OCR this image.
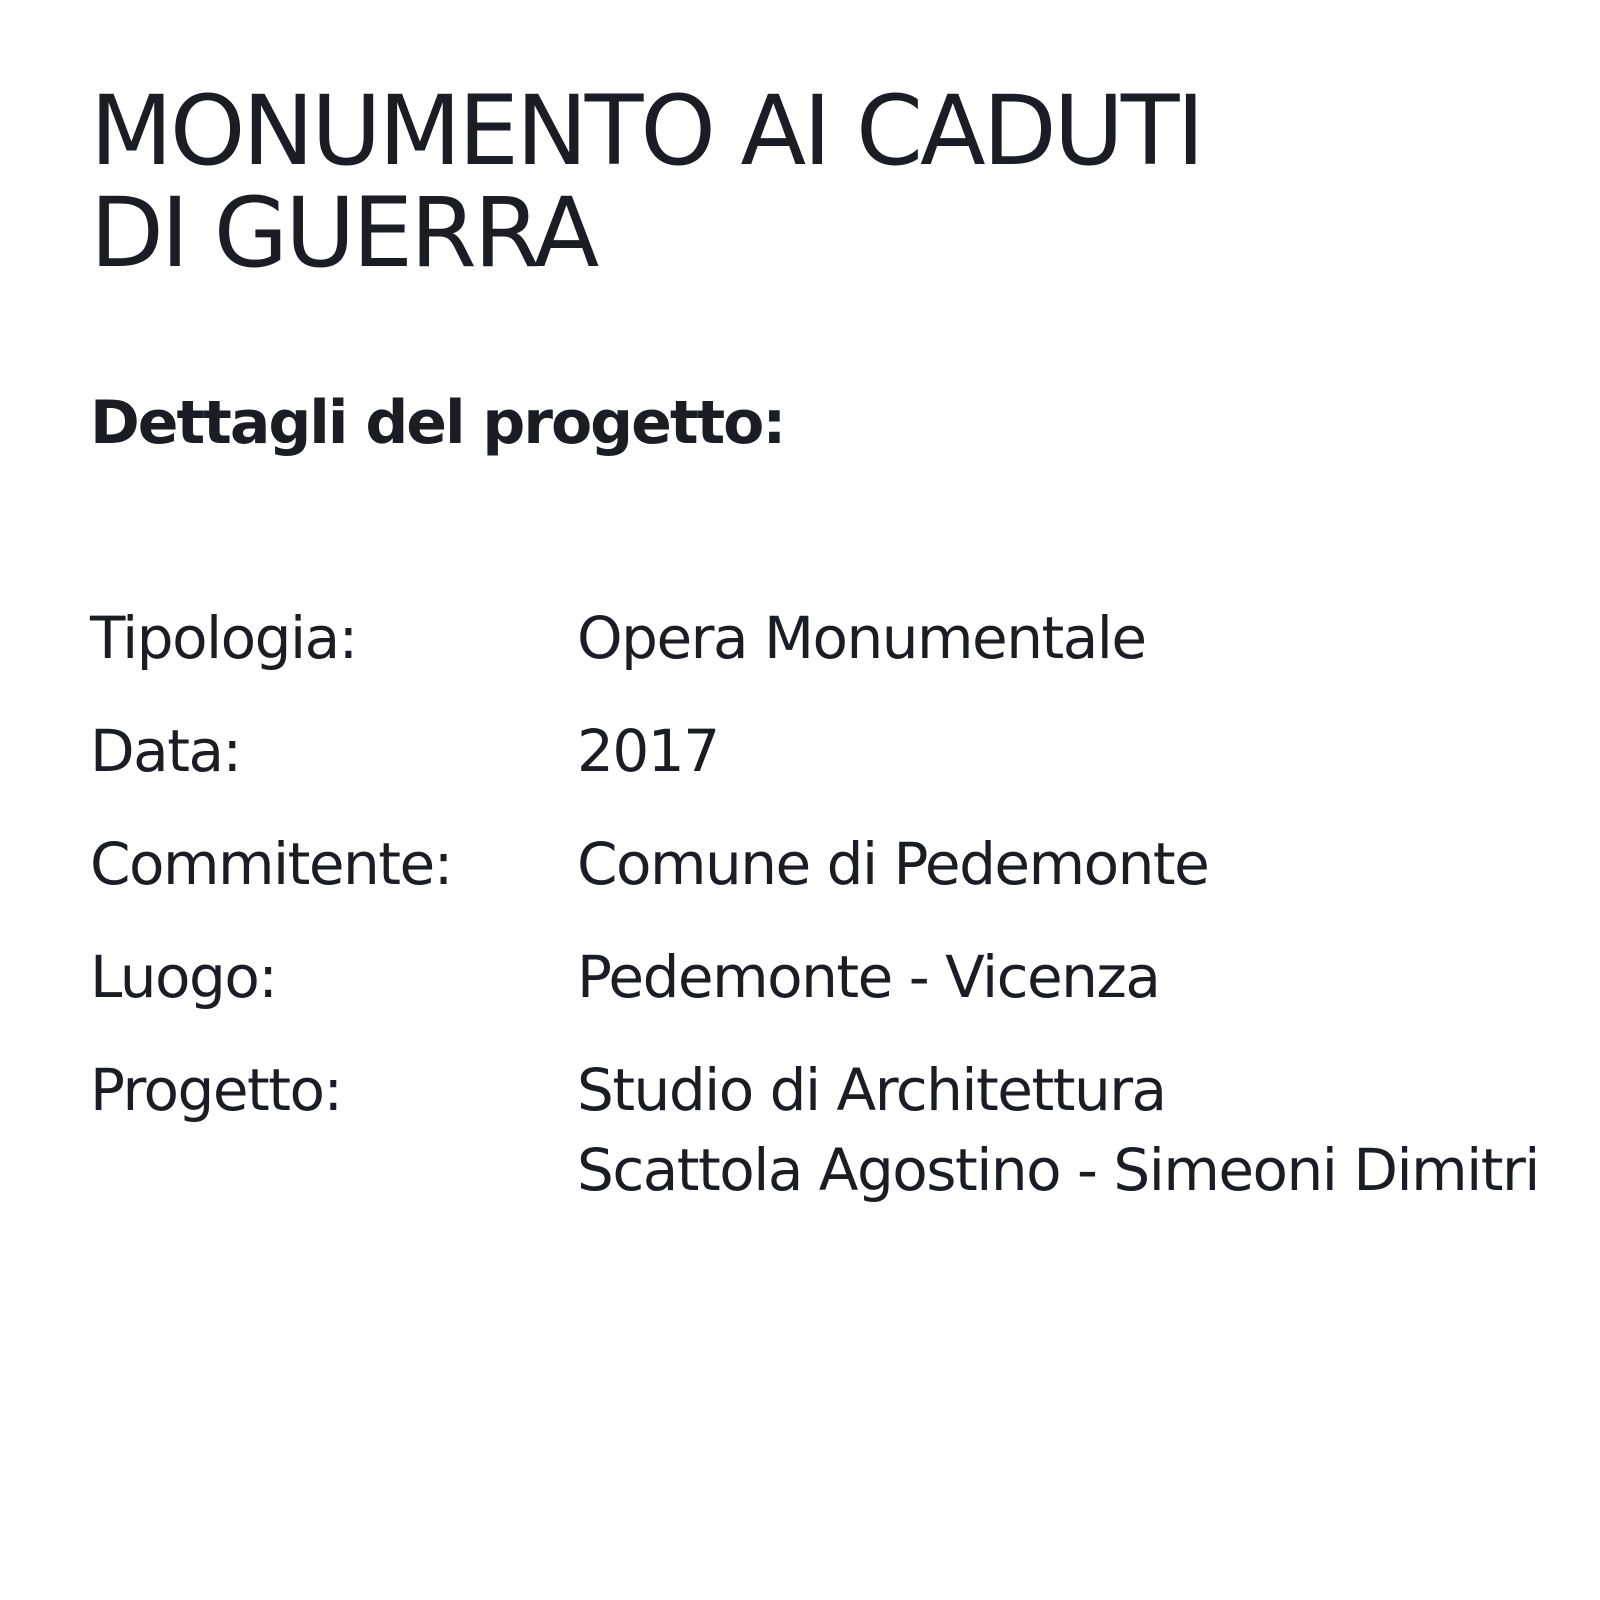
MONUMENTO AI CADUTI
DI GUERRA
Dettagli del progetto:
Tipologia:	Opera Monumentale
Data:	2017
Commitente: Comune di Pedemonte
Luogo:	Pedemonte - Vicenza
Progetto:	Studio di Architettura
Scattola Agostino - Simeoni Dimitri
